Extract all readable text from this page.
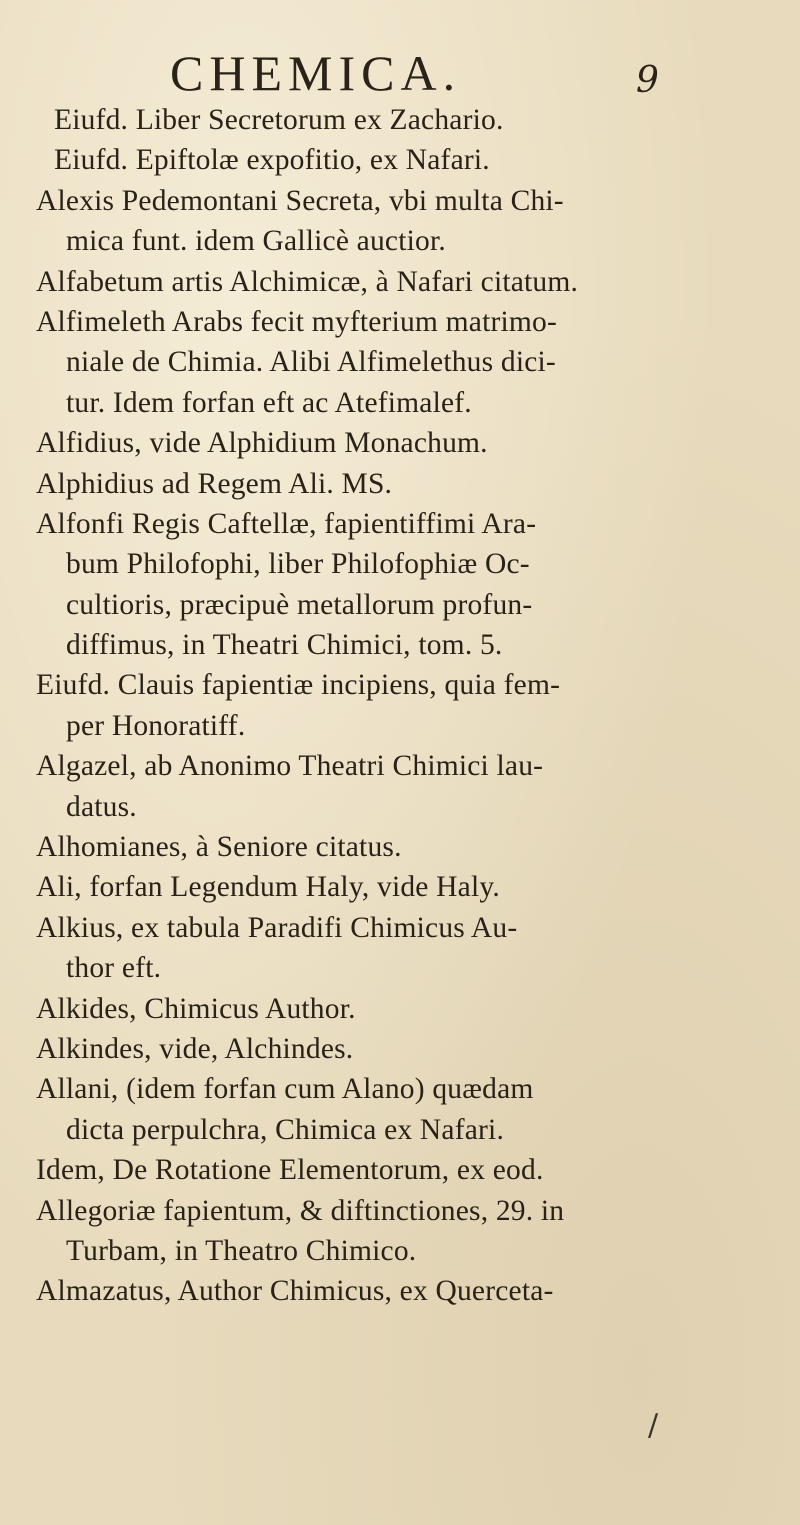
CHEMICA.	9
Eiufd. Liber Secretorum ex Zachario.
Eiufd. Epiftolæ expofitio, ex Nafari.
Alexis Pedemontani Secreta, vbi multa Chi-
mica funt. idem Gallicè auctior.
Alfabetum artis Alchimicæ, à Nafari citatum.
Alfimeleth Arabs fecit myfterium matrimo-
niale de Chimia. Alibi Alfimelethus dici-
tur. Idem forfan eft ac Atefimalef.
Alfidius, vide Alphidium Monachum.
Alphidius ad Regem Ali. MS.
Alfonfi Regis Caftellæ, fapientiffimi Ara-
bum Philofophi, liber Philofophiæ Oc-
cultioris, præcipuè metallorum profun-
diffimus, in Theatri Chimici, tom. 5.
Eiufd. Clauis fapientiæ incipiens, quia fem-
per Honoratiff.
Algazel, ab Anonimo Theatri Chimici lau-
datus.
Alhomianes, à Seniore citatus.
Ali, forfan Legendum Haly, vide Haly.
Alkius, ex tabula Paradifi Chimicus Au-
thor eft.
Alkides, Chimicus Author.
Alkindes, vide, Alchindes.
Allani, (idem forfan cum Alano) quædam
dicta perpulchra, Chimica ex Nafari.
Idem, De Rotatione Elementorum, ex eod.
Allegoriæ fapientum, & diftinctiones, 29. in
Turbam, in Theatro Chimico.
Almazatus, Author Chimicus, ex Querceta-
/
